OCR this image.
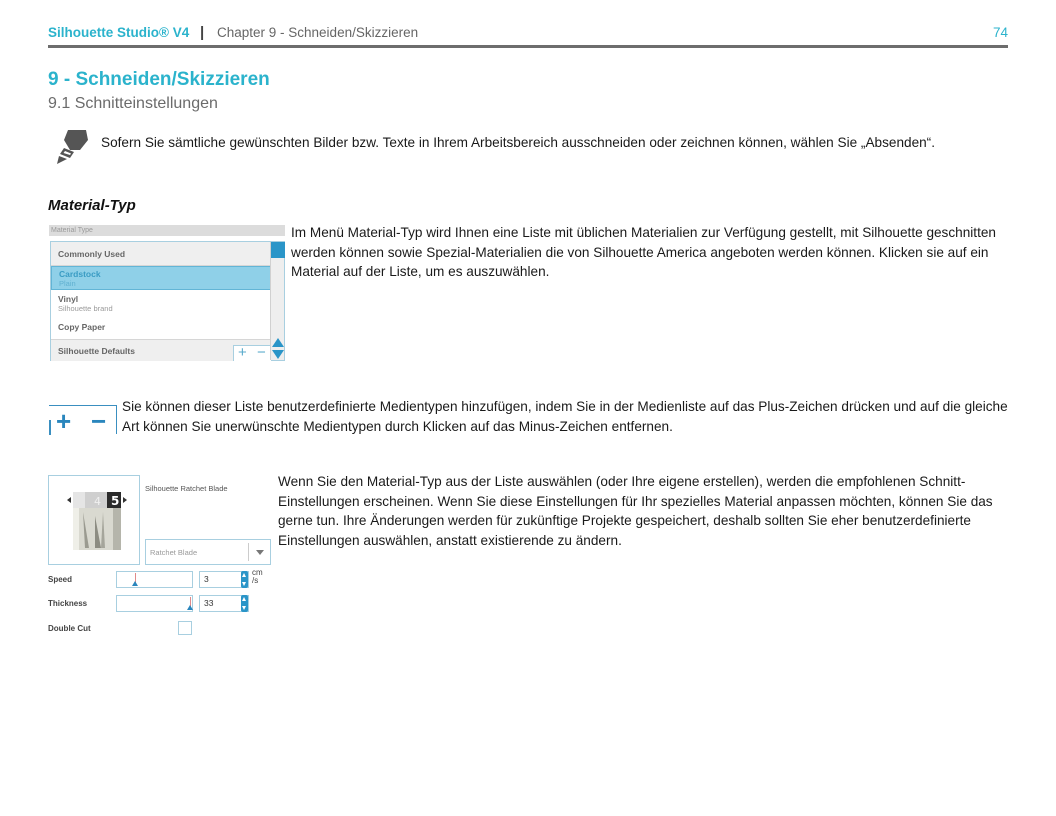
Silhouette Studio® V4 | Chapter 9 - Schneiden/Skizzieren	74
9 - Schneiden/Skizzieren
9.1 Schnitteinstellungen
Sofern Sie sämtliche gewünschten Bilder bzw. Texte in Ihrem Arbeitsbereich ausschneiden oder zeichnen können, wählen Sie „Absenden“.
Material-Typ
Material Type
Commonly Used
Cardstock
Plain
Vinyl
Silhouette brand
Copy Paper
Silhouette Defaults	+ −
Im Menü Material-Typ wird Ihnen eine Liste mit üblichen Materialien zur Verfügung gestellt, mit Silhouette geschnitten werden können sowie Spezial-Materialien die von Silhouette America angeboten werden können. Klicken sie auf ein Material auf der Liste, um es auszuwählen.
+ − Sie können dieser Liste benutzerdefinierte Medientypen hinzufügen, indem Sie in der Medienliste auf das Plus-Zeichen drücken und auf die gleiche Art können Sie unerwünschte Medientypen durch Klicken auf das Minus-Zeichen entfernen.
5
4
Silhouette Ratchet Blade
Ratchet Blade
Speed	3
cm
/s
Thickness	33
Double Cut
Wenn Sie den Material-Typ aus der Liste auswählen (oder Ihre eigene erstellen), werden die empfohlenen Schnitt-Einstellungen erscheinen. Wenn Sie diese Einstellungen für Ihr spezielles Material anpassen möchten, können Sie das gerne tun. Ihre Änderungen werden für zukünftige Projekte gespeichert, deshalb sollten Sie eher benutzerdefinierte Einstellungen auswählen, anstatt existierende zu ändern.
